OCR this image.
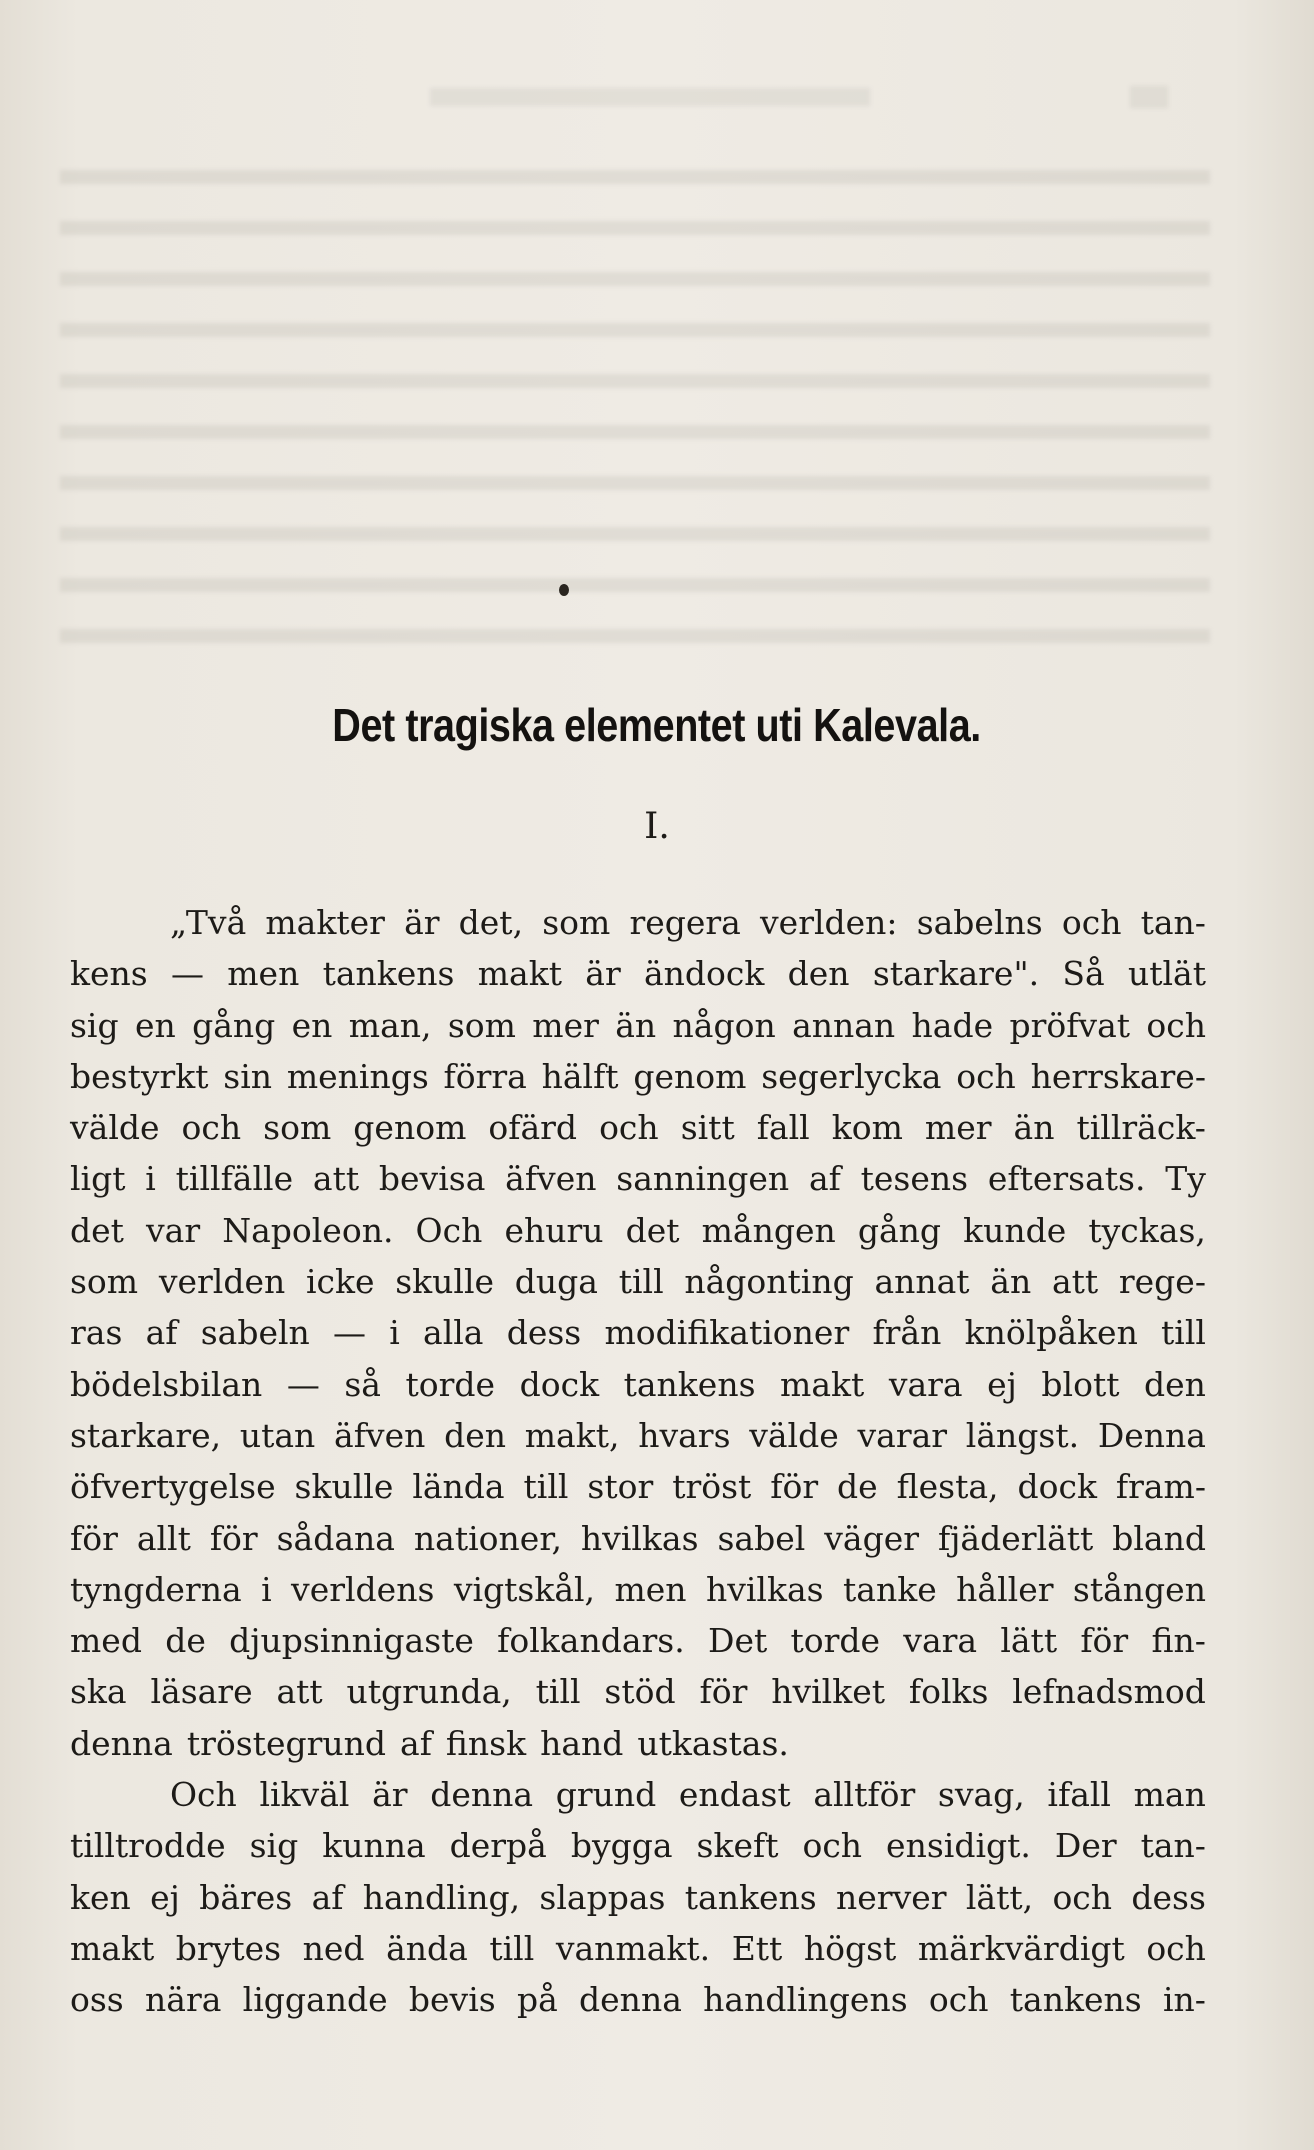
Det tragiska elementet uti Kalevala.
I.
„Två makter är det, som regera verlden: sabelns och tan-
kens — men tankens makt är ändock den starkare". Så utlät
sig en gång en man, som mer än någon annan hade pröfvat och
bestyrkt sin menings förra hälft genom segerlycka och herrskare-
välde och som genom ofärd och sitt fall kom mer än tillräck-
ligt i tillfälle att bevisa äfven sanningen af tesens eftersats. Ty
det var Napoleon. Och ehuru det mången gång kunde tyckas,
som verlden icke skulle duga till någonting annat än att rege-
ras af sabeln — i alla dess modifikationer från knölpåken till
bödelsbilan — så torde dock tankens makt vara ej blott den
starkare, utan äfven den makt, hvars välde varar längst. Denna
öfvertygelse skulle lända till stor tröst för de flesta, dock fram-
för allt för sådana nationer, hvilkas sabel väger fjäderlätt bland
tyngderna i verldens vigtskål, men hvilkas tanke håller stången
med de djupsinnigaste folkandars. Det torde vara lätt för fin-
ska läsare att utgrunda, till stöd för hvilket folks lefnadsmod
denna tröstegrund af finsk hand utkastas.
Och likväl är denna grund endast alltför svag, ifall man
tilltrodde sig kunna derpå bygga skeft och ensidigt. Der tan-
ken ej bäres af handling, slappas tankens nerver lätt, och dess
makt brytes ned ända till vanmakt. Ett högst märkvärdigt och
oss nära liggande bevis på denna handlingens och tankens in-
